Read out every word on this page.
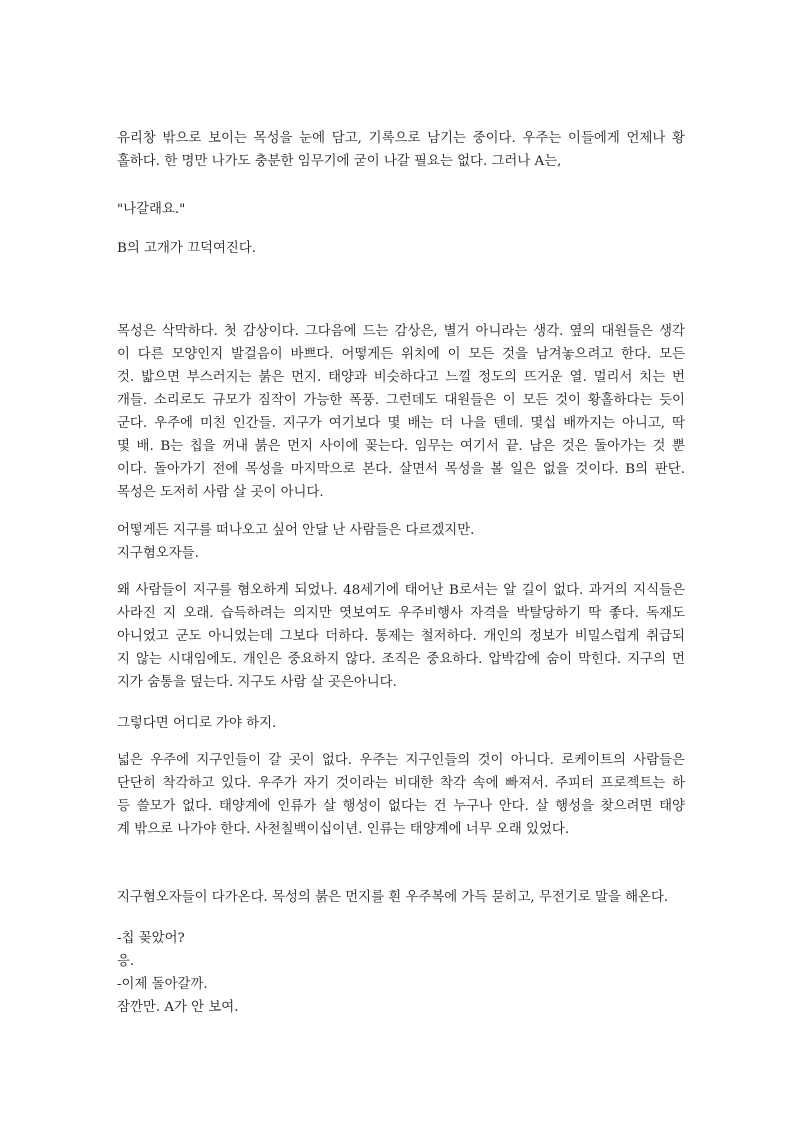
유리창 밖으로 보이는 목성을 눈에 담고, 기록으로 남기는 중이다. 우주는 이들에게 언제나 황
홀하다. 한 명만 나가도 충분한 임무기에 굳이 나갈 필요는 없다. 그러나 A는,
"나갈래요."
B의 고개가 끄덕여진다.
목성은 삭막하다. 첫 감상이다. 그다음에 드는 감상은, 별거 아니라는 생각. 옆의 대원들은 생각
이 다른 모양인지 발걸음이 바쁘다. 어떻게든 위치에 이 모든 것을 남겨놓으려고 한다. 모든
것. 밟으면 부스러지는 붉은 먼지. 태양과 비슷하다고 느낄 정도의 뜨거운 열. 멀리서 치는 번
개들. 소리로도 규모가 짐작이 가능한 폭풍. 그런데도 대원들은 이 모든 것이 황홀하다는 듯이
군다. 우주에 미친 인간들. 지구가 여기보다 몇 배는 더 나을 텐데. 몇십 배까지는 아니고, 딱
몇 배. B는 칩을 꺼내 붉은 먼지 사이에 꽂는다. 임무는 여기서 끝. 남은 것은 돌아가는 것 뿐
이다. 돌아가기 전에 목성을 마지막으로 본다. 살면서 목성을 볼 일은 없을 것이다. B의 판단.
목성은 도저히 사람 살 곳이 아니다.
어떻게든 지구를 떠나오고 싶어 안달 난 사람들은 다르겠지만.
지구혐오자들.
왜 사람들이 지구를 혐오하게 되었나. 48세기에 태어난 B로서는 알 길이 없다. 과거의 지식들은
사라진 지 오래. 습득하려는 의지만 엿보여도 우주비행사 자격을 박탈당하기 딱 좋다. 독재도
아니었고 군도 아니었는데 그보다 더하다. 통제는 철저하다. 개인의 정보가 비밀스럽게 취급되
지 않는 시대임에도. 개인은 중요하지 않다. 조직은 중요하다. 압박감에 숨이 막힌다. 지구의 먼
지가 숨통을 덮는다. 지구도 사람 살 곳은아니다.
그렇다면 어디로 가야 하지.
넓은 우주에 지구인들이 갈 곳이 없다. 우주는 지구인들의 것이 아니다. 로케이트의 사람들은
단단히 착각하고 있다. 우주가 자기 것이라는 비대한 착각 속에 빠져서. 주피터 프로젝트는 하
등 쓸모가 없다. 태양계에 인류가 살 행성이 없다는 건 누구나 안다. 살 행성을 찾으려면 태양
계 밖으로 나가야 한다. 사천칠백이십이년. 인류는 태양계에 너무 오래 있었다.
지구혐오자들이 다가온다. 목성의 붉은 먼지를 흰 우주복에 가득 묻히고, 무전기로 말을 해온다.
-칩 꽂았어?
응.
-이제 돌아갈까.
잠깐만. A가 안 보여.
